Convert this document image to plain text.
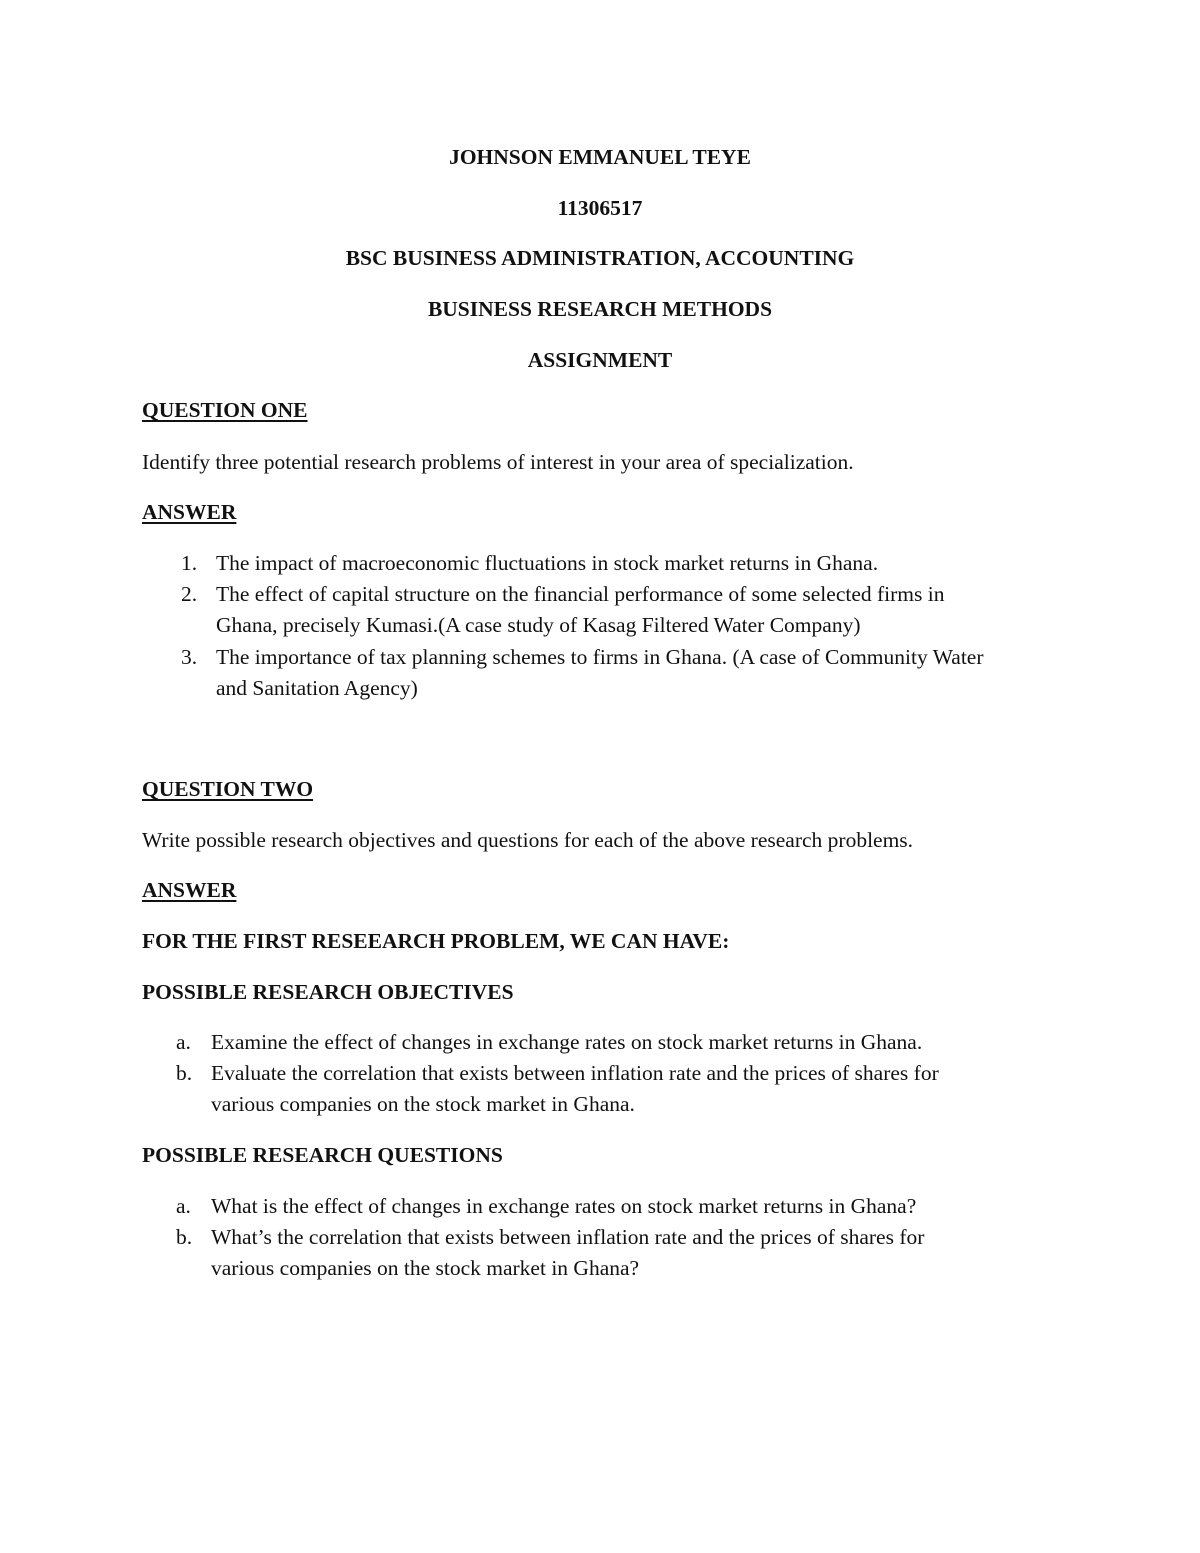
JOHNSON EMMANUEL TEYE
11306517
BSC BUSINESS ADMINISTRATION, ACCOUNTING
BUSINESS RESEARCH METHODS
ASSIGNMENT
QUESTION ONE
Identify three potential research problems of interest in your area of specialization.
ANSWER
1. The impact of macroeconomic fluctuations in stock market returns in Ghana.
2. The effect of capital structure on the financial performance of some selected firms in
Ghana, precisely Kumasi.(A case study of Kasag Filtered Water Company)
3. The importance of tax planning schemes to firms in Ghana. (A case of Community Water
and Sanitation Agency)
QUESTION TWO
Write possible research objectives and questions for each of the above research problems.
ANSWER
FOR THE FIRST RESEEARCH PROBLEM, WE CAN HAVE:
POSSIBLE RESEARCH OBJECTIVES
a. Examine the effect of changes in exchange rates on stock market returns in Ghana.
b. Evaluate the correlation that exists between inflation rate and the prices of shares for
various companies on the stock market in Ghana.
POSSIBLE RESEARCH QUESTIONS
a. What is the effect of changes in exchange rates on stock market returns in Ghana?
b. What’s the correlation that exists between inflation rate and the prices of shares for
various companies on the stock market in Ghana?
